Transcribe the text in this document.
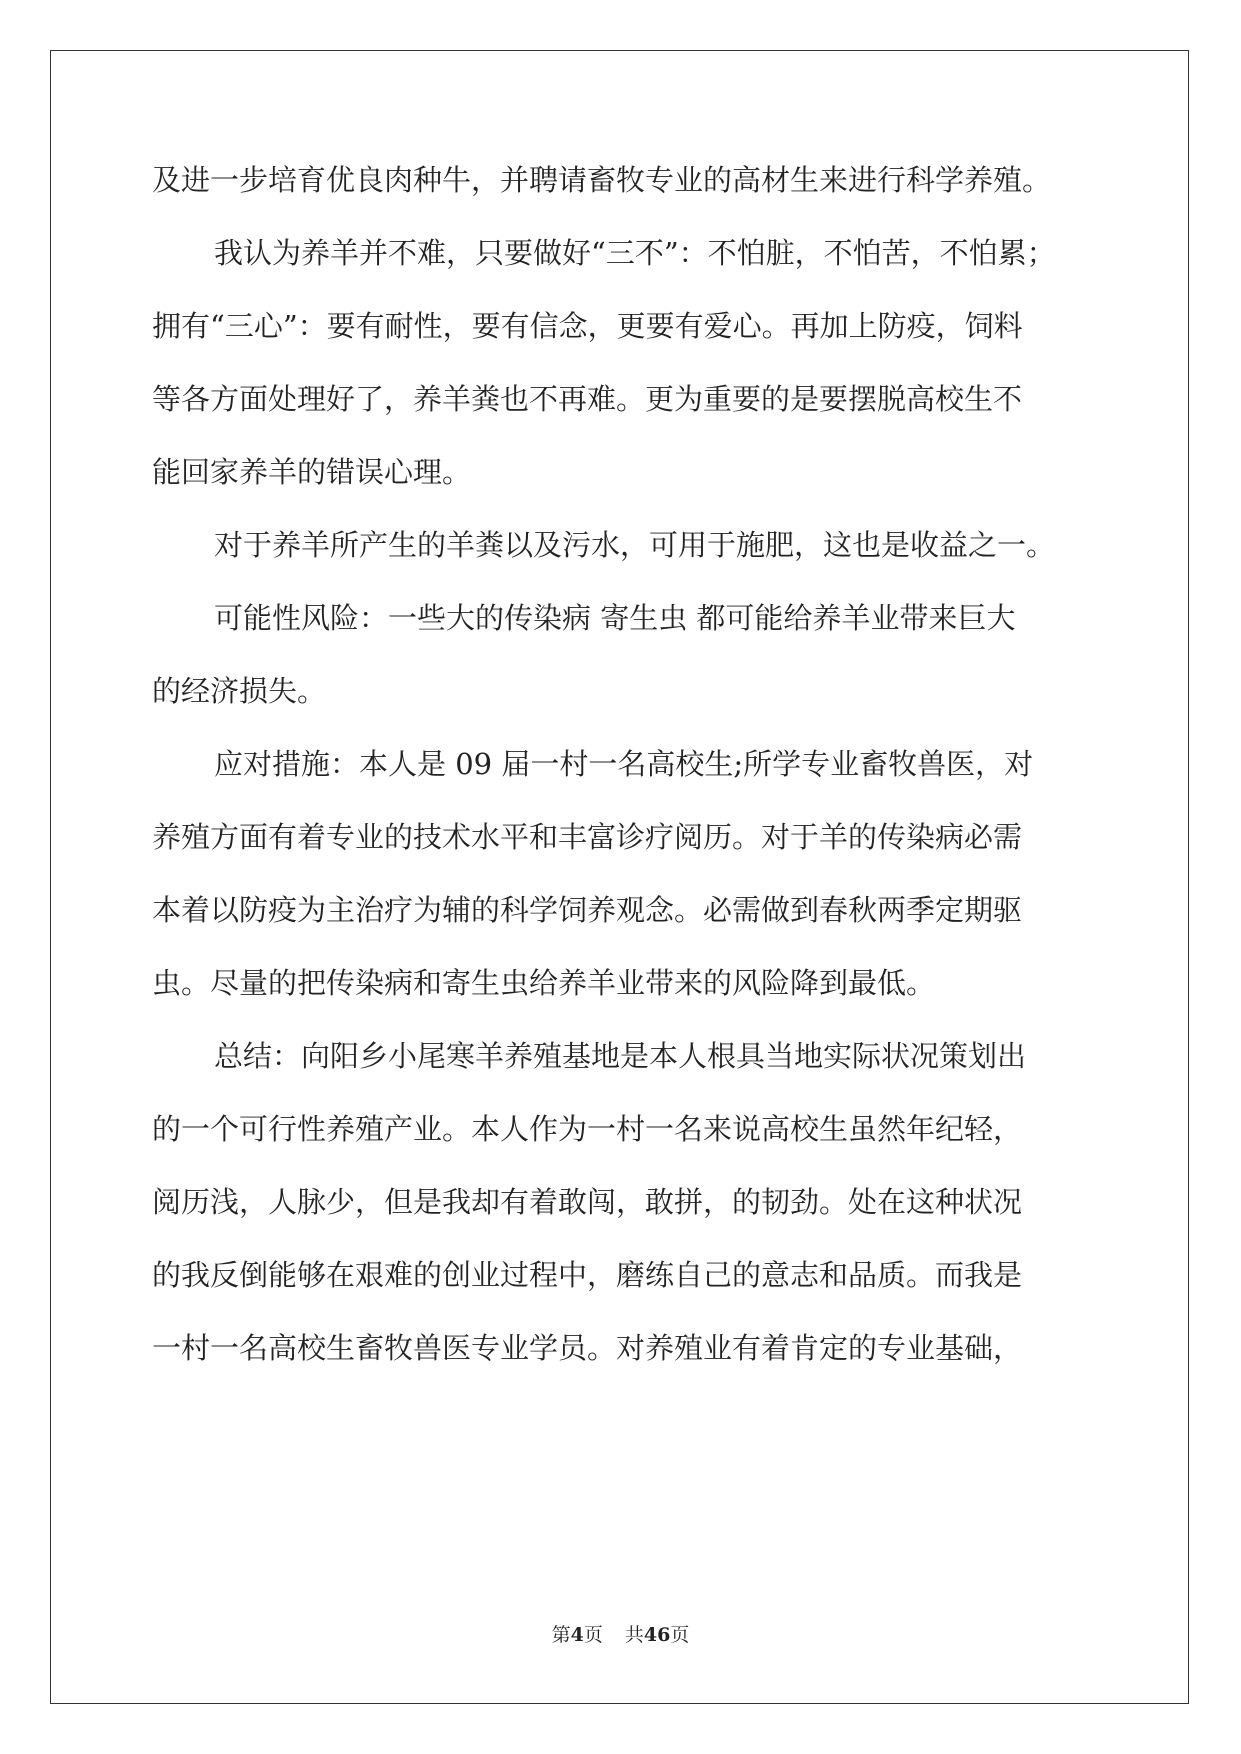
及进一步培育优良肉种牛，并聘请畜牧专业的高材生来进行科学养殖。
我认为养羊并不难，只要做好“三不”：不怕脏，不怕苦，不怕累；
拥有“三心”：要有耐性，要有信念，更要有爱心。再加上防疫，饲料
等各方面处理好了，养羊粪也不再难。更为重要的是要摆脱高校生不
能回家养羊的错误心理。
对于养羊所产生的羊粪以及污水，可用于施肥，这也是收益之一。
可能性风险：一些大的传染病 寄生虫 都可能给养羊业带来巨大
的经济损失。
应对措施：本人是 09 届一村一名高校生;所学专业畜牧兽医，对
养殖方面有着专业的技术水平和丰富诊疗阅历。对于羊的传染病必需
本着以防疫为主治疗为辅的科学饲养观念。必需做到春秋两季定期驱
虫。尽量的把传染病和寄生虫给养羊业带来的风险降到最低。
总结：向阳乡小尾寒羊养殖基地是本人根具当地实际状况策划出
的一个可行性养殖产业。本人作为一村一名来说高校生虽然年纪轻，
阅历浅，人脉少，但是我却有着敢闯，敢拼，的韧劲。处在这种状况
的我反倒能够在艰难的创业过程中，磨练自己的意志和品质。而我是
一村一名高校生畜牧兽医专业学员。对养殖业有着肯定的专业基础，
第4页 共46页
